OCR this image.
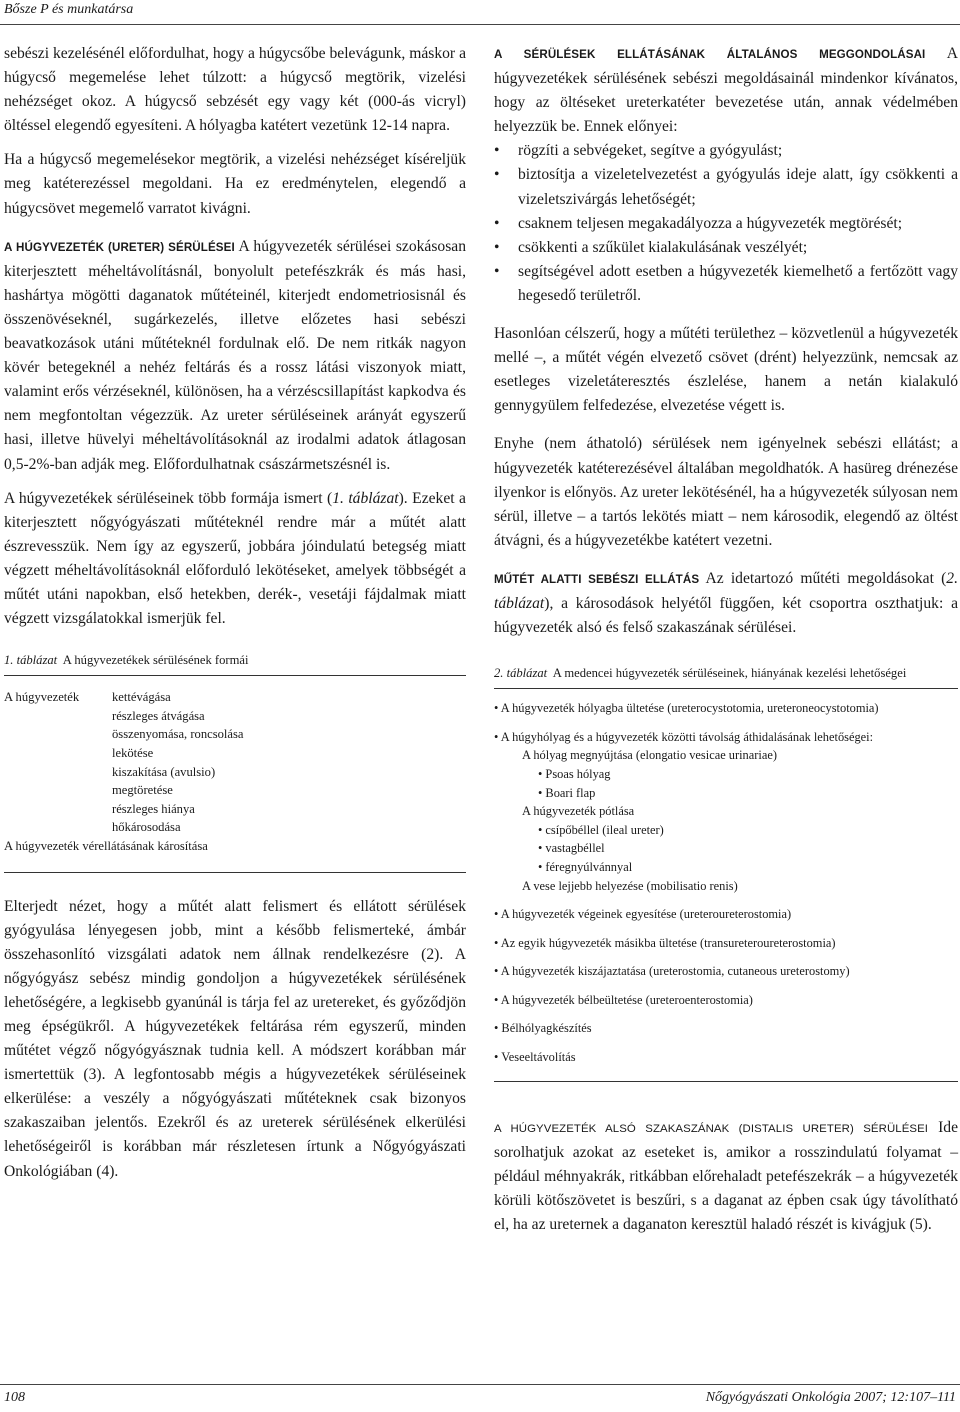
Bősze P és munkatársa

sebészi kezelésénél előfordulhat, hogy a húgycsőbe belevágunk, máskor a húgycső megemelése lehet túlzott: a húgycső megtörik, vizelési nehézséget okoz. A húgycső sebzését egy vagy két (000-ás vicryl) öltéssel elegendő egyesíteni. A hólyagba katétert vezetünk 12-14 napra.

Ha a húgycső megemelésekor megtörik, a vizelési nehézséget kíséreljük meg katéterezéssel megoldani. Ha ez eredménytelen, elegendő a húgycsövet megemelő varratot kivágni.

A HÚGYVEZETÉK (URETER) SÉRÜLÉSEI A húgyvezeték sérülései szokásosan kiterjesztett méheltávolításnál, bonyolult petefészkrák és más hasi, hashártya mögötti daganatok műtéteinél, kiterjedt endometriosisnál és összenövéseknél, sugárkezelés, illetve előzetes hasi sebészi beavatkozások utáni műtéteknél fordulnak elő. De nem ritkák nagyon kövér betegeknél a nehéz feltárás és a rossz látási viszonyok miatt, valamint erős vérzéseknél, különösen, ha a vérzéscsillapítást kapkodva és nem megfontoltan végezzük. Az ureter sérüléseinek arányát egyszerű hasi, illetve hüvelyi méheltávolításoknál az irodalmi adatok átlagosan 0,5-2%-ban adják meg. Előfordulhatnak császármetszésnél is.

A húgyvezetékek sérüléseinek több formája ismert (1. táblázat). Ezeket a kiterjesztett nőgyógyászati műtéteknél rendre már a műtét alatt észrevesszük. Nem így az egyszerű, jobbára jóindulatú betegség miatt végzett méheltávolításoknál előforduló lekötéseket, amelyek többségét a műtét utáni napokban, első hetekben, derék-, vesetáji fájdalmak miatt végzett vizsgálatokkal ismerjük fel.

1. táblázat A húgyvezetékek sérülésének formái

A húgyvezeték	kettévágása
részleges átvágása
összenyomása, roncsolása
lekötése
kiszakítása (avulsio)
megtöretése
részleges hiánya
hőkárosodása
A húgyvezeték vérellátásának károsítása

Elterjedt nézet, hogy a műtét alatt felismert és ellátott sérülések gyógyulása lényegesen jobb, mint a később felismerteké, ámbár összehasonlító vizsgálati adatok nem állnak rendelkezésre (2). A nőgyógyász sebész mindig gondoljon a húgyvezetékek sérülésének lehetőségére, a legkisebb gyanúnál is tárja fel az uretereket, és győződjön meg épségükről. A húgyvezetékek feltárása rém egyszerű, minden műtétet végző nőgyógyásznak tudnia kell. A módszert korábban már ismertettük (3). A legfontosabb mégis a húgyvezetékek sérüléseinek elkerülése: a veszély a nőgyógyászati műtéteknek csak bizonyos szakaszaiban jelentős. Ezekről és az ureterek sérülésének elkerülési lehetőségeiről is korábban már részletesen írtunk a Nőgyógyászati Onkológiában (4).

A SÉRÜLÉSEK ELLÁTÁSÁNAK ÁLTALÁNOS MEGGONDOLÁSAI A húgyvezetékek sérülésének sebészi megoldásainál mindenkor kívánatos, hogy az öltéseket ureterkatéter bevezetése után, annak védelmében helyezzük be. Ennek előnyei:

• rögzíti a sebvégeket, segítve a gyógyulást;
• biztosítja a vizeletelvezetést a gyógyulás ideje alatt, így csökkenti a vizeletszivárgás lehetőségét;
• csaknem teljesen megakadályozza a húgyvezeték megtörését;
• csökkenti a szűkület kialakulásának veszélyét;
• segítségével adott esetben a húgyvezeték kiemelhető a fertőzött vagy hegesedő területről.

Hasonlóan célszerű, hogy a műtéti területhez – közvetlenül a húgyvezeték mellé –, a műtét végén elvezető csövet (drént) helyezzünk, nemcsak az esetleges vizeletáteresztés észlelése, hanem a netán kialakuló gennygyülem felfedezése, elvezetése végett is.

Enyhe (nem áthatoló) sérülések nem igényelnek sebészi ellátást; a húgyvezeték katéterezésével általában megoldhatók. A hasüreg drénezése ilyenkor is előnyös. Az ureter lekötésénél, ha a húgyvezeték súlyosan nem sérül, illetve – a tartós lekötés miatt – nem károsodik, elegendő az öltést átvágni, és a húgyvezetékbe katétert vezetni.

MŰTÉT ALATTI SEBÉSZI ELLÁTÁS Az idetartozó műtéti megoldásokat (2. táblázat), a károsodások helyétől függően, két csoportra oszthatjuk: a húgyvezeték alsó és felső szakaszának sérülései.

2. táblázat A medencei húgyvezeték sérüléseinek, hiányának kezelési lehetőségei

• A húgyvezeték hólyagba ültetése (ureterocystotomia, ureteroneocystotomia)
• A húgyhólyag és a húgyvezeték közötti távolság áthidalásának lehetőségei:
A hólyag megnyújtása (elongatio vesicae urinariae)
• Psoas hólyag
• Boari flap
A húgyvezeték pótlása
• csípőbéllel (ileal ureter)
• vastagbéllel
• féregnyúlvánnyal
A vese lejjebb helyezése (mobilisatio renis)
• A húgyvezeték végeinek egyesítése (ureteroureterostomia)
• Az egyik húgyvezeték másikba ültetése (transureteroureterostomia)
• A húgyvezeték kiszájaztatása (ureterostomia, cutaneous ureterostomy)
• A húgyvezeték bélbeültetése (ureteroenterostomia)
• Bélhólyagkészítés
• Veseeltávolítás

A HÚGYVEZETÉK ALSÓ SZAKASZÁNAK (DISTALIS URETER) SÉRÜLÉSEI Ide sorolhatjuk azokat az eseteket is, amikor a rosszindulatú folyamat – például méhnyakrák, ritkábban előrehaladt petefészekrák – a húgyvezeték körüli kötőszövetet is beszűri, s a daganat az épben csak úgy távolítható el, ha az ureternek a daganaton keresztül haladó részét is kivágjuk (5).

108	Nőgyógyászati Onkológia 2007; 12:107–111
